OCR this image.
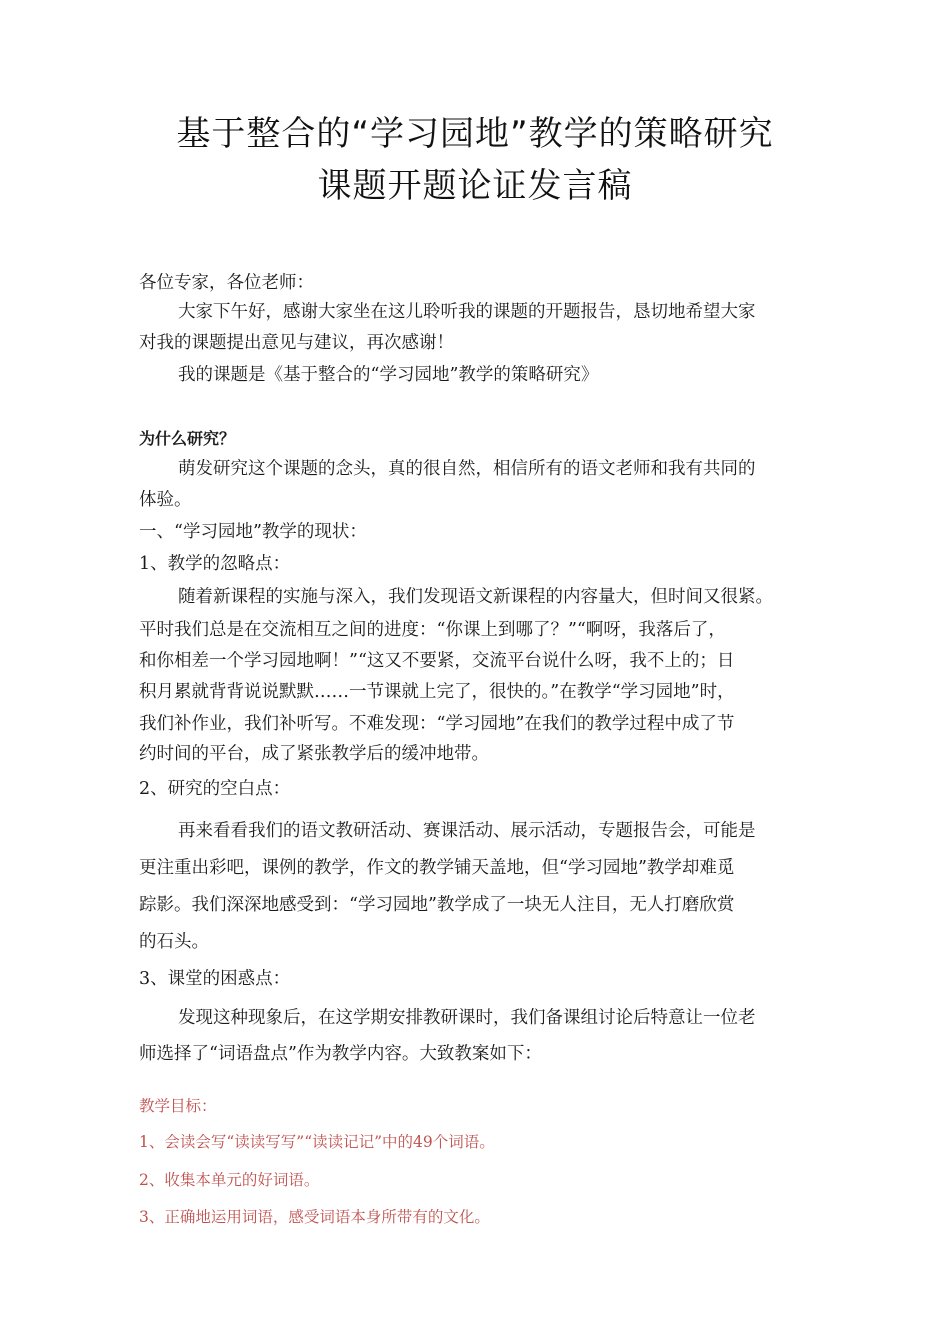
基于整合的“学习园地”教学的策略研究
课题开题论证发言稿
各位专家，各位老师：
大家下午好，感谢大家坐在这儿聆听我的课题的开题报告，恳切地希望大家
对我的课题提出意见与建议，再次感谢！
我的课题是《基于整合的“学习园地”教学的策略研究》
为什么研究？
萌发研究这个课题的念头，真的很自然，相信所有的语文老师和我有共同的
体验。
一、“学习园地”教学的现状：
1、教学的忽略点：
随着新课程的实施与深入，我们发现语文新课程的内容量大，但时间又很紧。
平时我们总是在交流相互之间的进度：“你课上到哪了？”“啊呀，我落后了，
和你相差一个学习园地啊！”“这又不要紧，交流平台说什么呀，我不上的；日
积月累就背背说说默默……一节课就上完了，很快的。”在教学“学习园地”时，
我们补作业，我们补听写。不难发现：“学习园地”在我们的教学过程中成了节
约时间的平台，成了紧张教学后的缓冲地带。
2、研究的空白点：
再来看看我们的语文教研活动、赛课活动、展示活动，专题报告会，可能是
更注重出彩吧，课例的教学，作文的教学铺天盖地，但“学习园地”教学却难觅
踪影。我们深深地感受到：“学习园地”教学成了一块无人注目，无人打磨欣赏
的石头。
3、课堂的困惑点：
发现这种现象后，在这学期安排教研课时，我们备课组讨论后特意让一位老
师选择了“词语盘点”作为教学内容。大致教案如下：
教学目标：
1、会读会写“读读写写”“读读记记”中的49个词语。
2、收集本单元的好词语。
3、正确地运用词语，感受词语本身所带有的文化。
